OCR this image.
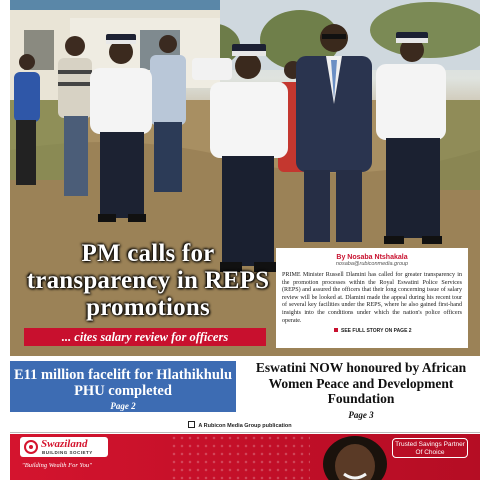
PM calls for transparency in REPS promotions
... cites salary review for officers
By Nosaba Ntshakala
nosaba@rubiconmedia.group
PRIME Minister Russell Dlamini has called for greater transparency in the promotion processes within the Royal Eswatini Police Services (REPS) and assured the officers that their long concerning issue of salary review will be looked at. Dlamini made the appeal during his recent tour of several key facilities under the REPS, where he also gained first-hand insights into the conditions under which the nation's police officers operate.
SEE FULL STORY ON PAGE 2
E11 million facelift for Hlathikhulu PHU completed
Page 2
Eswatini NOW honoured by African Women Peace and Development Foundation
Page 3
A Rubicon Media Group publication
Swaziland
BUILDING SOCIETY
"Building Wealth For You"
Trusted Savings Partner Of Choice
